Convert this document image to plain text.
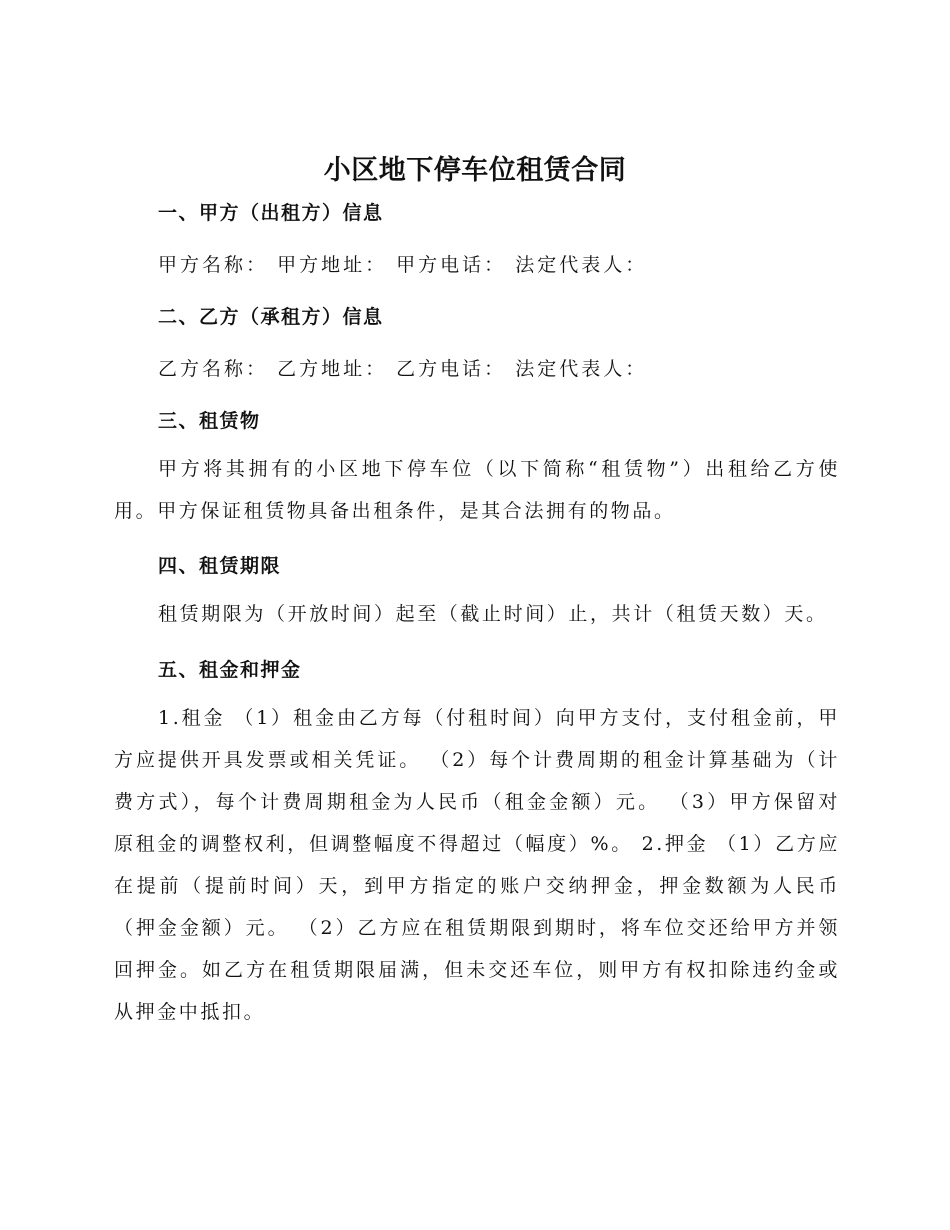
小区地下停车位租赁合同
一、甲方（出租方）信息

甲方名称： 甲方地址： 甲方电话： 法定代表人：

二、乙方（承租方）信息

乙方名称： 乙方地址： 乙方电话： 法定代表人：

三、租赁物

甲方将其拥有的小区地下停车位（以下简称“租赁物”）出租给乙方使用。甲方保证租赁物具备出租条件，是其合法拥有的物品。

四、租赁期限

租赁期限为（开放时间）起至（截止时间）止，共计（租赁天数）天。

五、租金和押金

1.租金 （1）租金由乙方每（付租时间）向甲方支付，支付租金前，甲方应提供开具发票或相关凭证。 （2）每个计费周期的租金计算基础为（计费方式），每个计费周期租金为人民币（租金金额）元。 （3）甲方保留对原租金的调整权利，但调整幅度不得超过（幅度）%。 2.押金 （1）乙方应在提前（提前时间）天，到甲方指定的账户交纳押金，押金数额为人民币（押金金额）元。 （2）乙方应在租赁期限到期时，将车位交还给甲方并领回押金。如乙方在租赁期限届满，但未交还车位，则甲方有权扣除违约金或从押金中抵扣。
